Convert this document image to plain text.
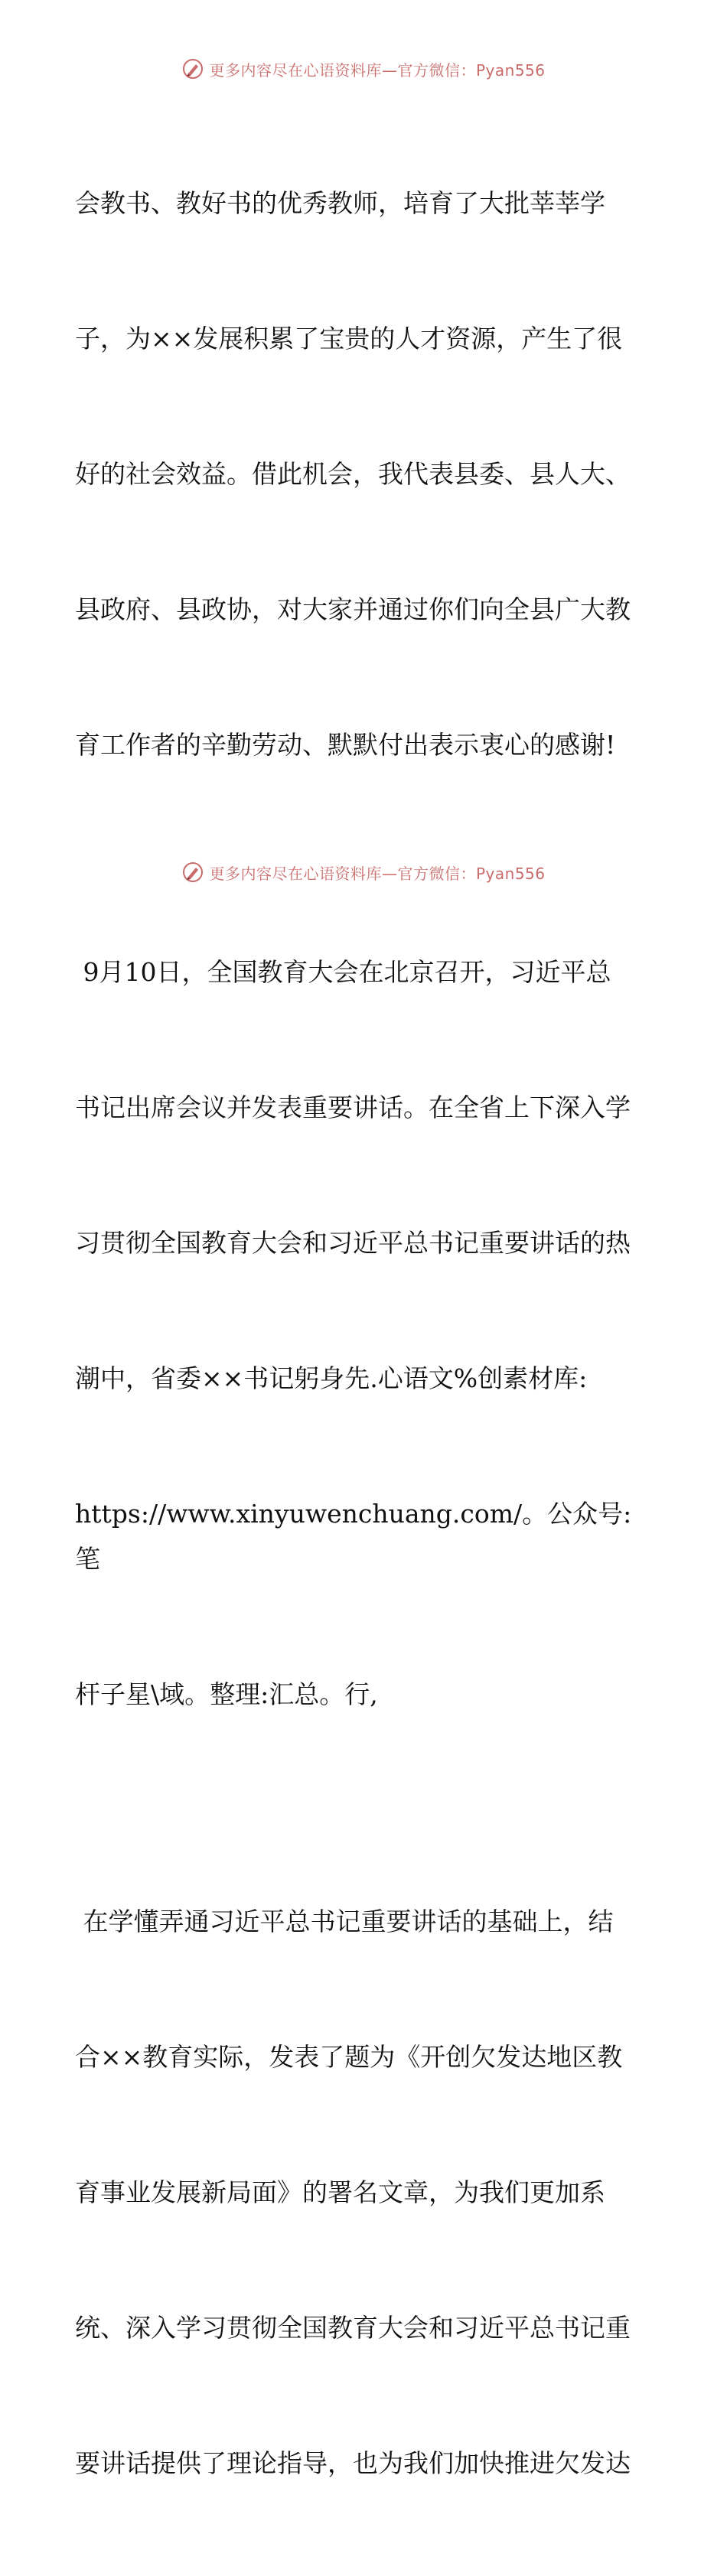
更多内容尽在心语资料库—官方微信：Pyan556

会教书、教好书的优秀教师，培育了大批莘莘学

子，为××发展积累了宝贵的人才资源，产生了很

好的社会效益。借此机会，我代表县委、县人大、

县政府、县政协，对大家并通过你们向全县广大教

育工作者的辛勤劳动、默默付出表示衷心的感谢!

9月10日，全国教育大会在北京召开，习近平总

书记出席会议并发表重要讲话。在全省上下深入学

习贯彻全国教育大会和习近平总书记重要讲话的热

潮中，省委××书记躬身先.心语文%创素材库:

https://www.xinyuwenchuang.com/。公众号: 笔

杆子星\域。整理:汇总。行,

在学懂弄通习近平总书记重要讲话的基础上，结

合××教育实际，发表了题为《开创欠发达地区教

育事业发展新局面》的署名文章，为我们更加系

统、深入学习贯彻全国教育大会和习近平总书记重

要讲话提供了理论指导，也为我们加快推进欠发达

更多内容尽在心语资料库—官方微信：Pyan556
